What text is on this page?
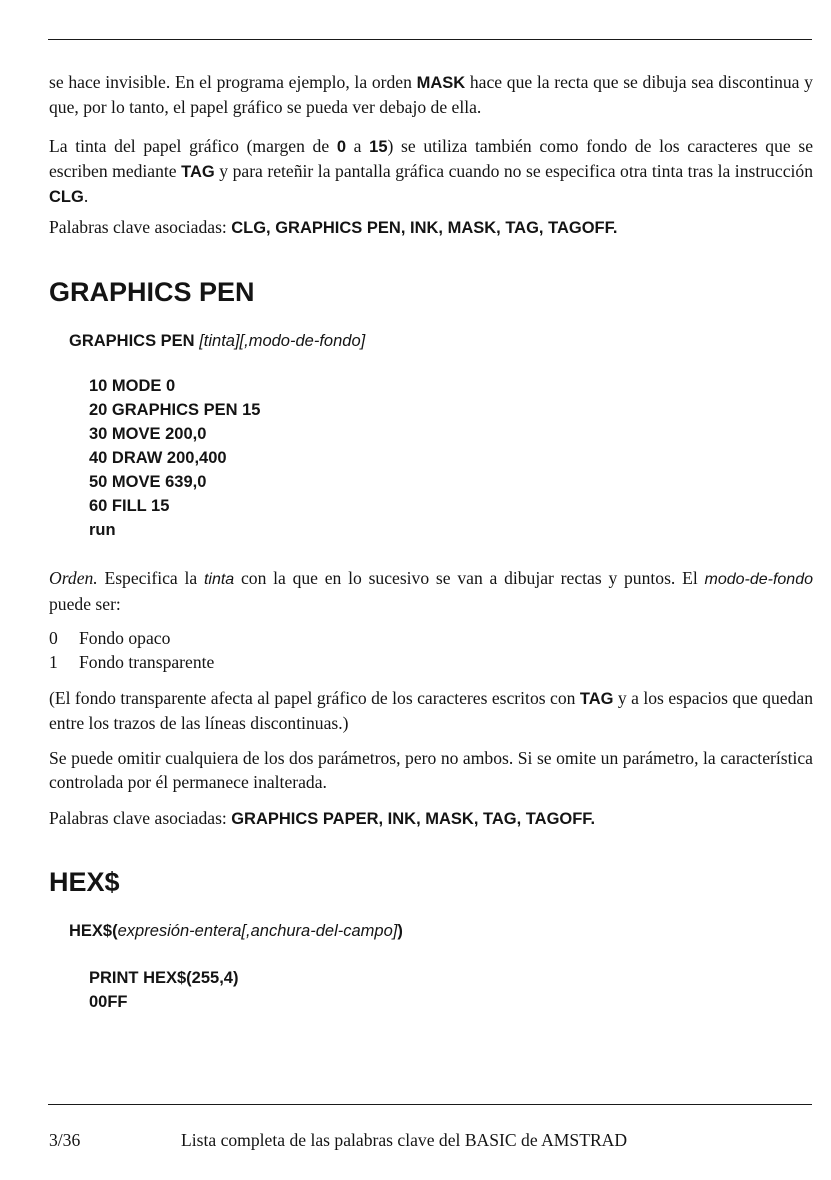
se hace invisible. En el programa ejemplo, la orden MASK hace que la recta que se dibuja sea discontinua y que, por lo tanto, el papel gráfico se pueda ver debajo de ella.

La tinta del papel gráfico (margen de 0 a 15) se utiliza también como fondo de los caracteres que se escriben mediante TAG y para reteñir la pantalla gráfica cuando no se especifica otra tinta tras la instrucción CLG.

Palabras clave asociadas: CLG, GRAPHICS PEN, INK, MASK, TAG, TAGOFF.

GRAPHICS PEN

GRAPHICS PEN [tinta][,modo-de-fondo]

10 MODE 0
20 GRAPHICS PEN 15
30 MOVE 200,0
40 DRAW 200,400
50 MOVE 639,0
60 FILL 15
run

Orden. Especifica la tinta con la que en lo sucesivo se van a dibujar rectas y puntos. El modo-de-fondo puede ser:

0 Fondo opaco

1 Fondo transparente

(El fondo transparente afecta al papel gráfico de los caracteres escritos con TAG y a los espacios que quedan entre los trazos de las líneas discontinuas.)

Se puede omitir cualquiera de los dos parámetros, pero no ambos. Si se omite un parámetro, la característica controlada por él permanece inalterada.

Palabras clave asociadas: GRAPHICS PAPER, INK, MASK, TAG, TAGOFF.

HEX$

HEX$(expresión-entera[,anchura-del-campo])

PRINT HEX$(255,4)
00FF

3/36	Lista completa de las palabras clave del BASIC de AMSTRAD
